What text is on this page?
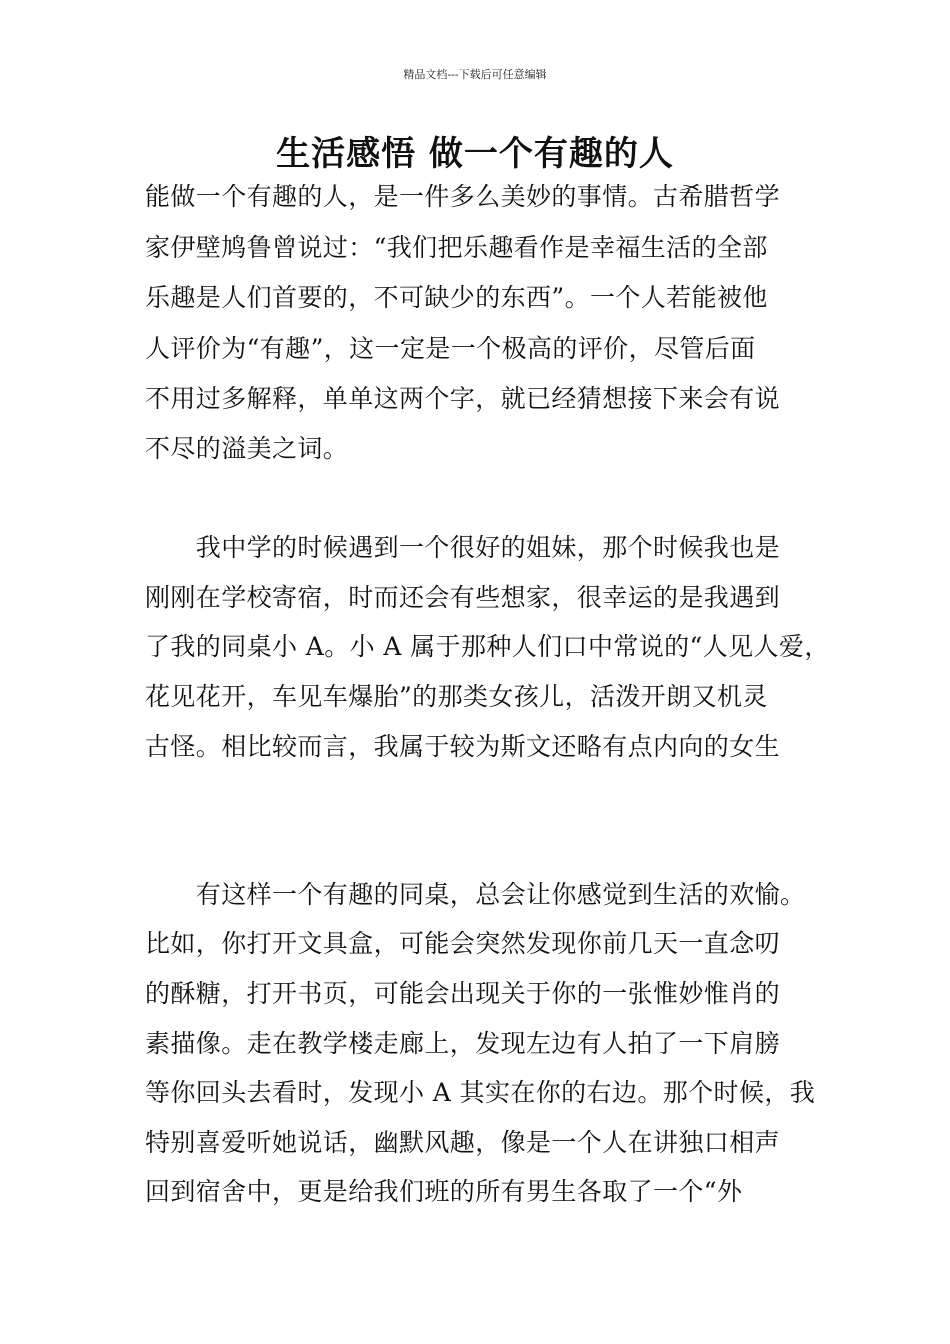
精品文档---下载后可任意编辑
生活感悟 做一个有趣的人
能做一个有趣的人，是一件多么美妙的事情。古希腊哲学
家伊壁鸠鲁曾说过：“我们把乐趣看作是幸福生活的全部
乐趣是人们首要的，不可缺少的东西”。一个人若能被他
人评价为“有趣”，这一定是一个极高的评价，尽管后面
不用过多解释，单单这两个字，就已经猜想接下来会有说
不尽的溢美之词。
　　我中学的时候遇到一个很好的姐妹，那个时候我也是
刚刚在学校寄宿，时而还会有些想家，很幸运的是我遇到
了我的同桌小 A。小 A 属于那种人们口中常说的“人见人爱，
花见花开，车见车爆胎”的那类女孩儿，活泼开朗又机灵
古怪。相比较而言，我属于较为斯文还略有点内向的女生
　　有这样一个有趣的同桌，总会让你感觉到生活的欢愉。
比如，你打开文具盒，可能会突然发现你前几天一直念叨
的酥糖，打开书页，可能会出现关于你的一张惟妙惟肖的
素描像。走在教学楼走廊上，发现左边有人拍了一下肩膀
等你回头去看时，发现小 A 其实在你的右边。那个时候，我
特别喜爱听她说话，幽默风趣，像是一个人在讲独口相声
回到宿舍中，更是给我们班的所有男生各取了一个“外
